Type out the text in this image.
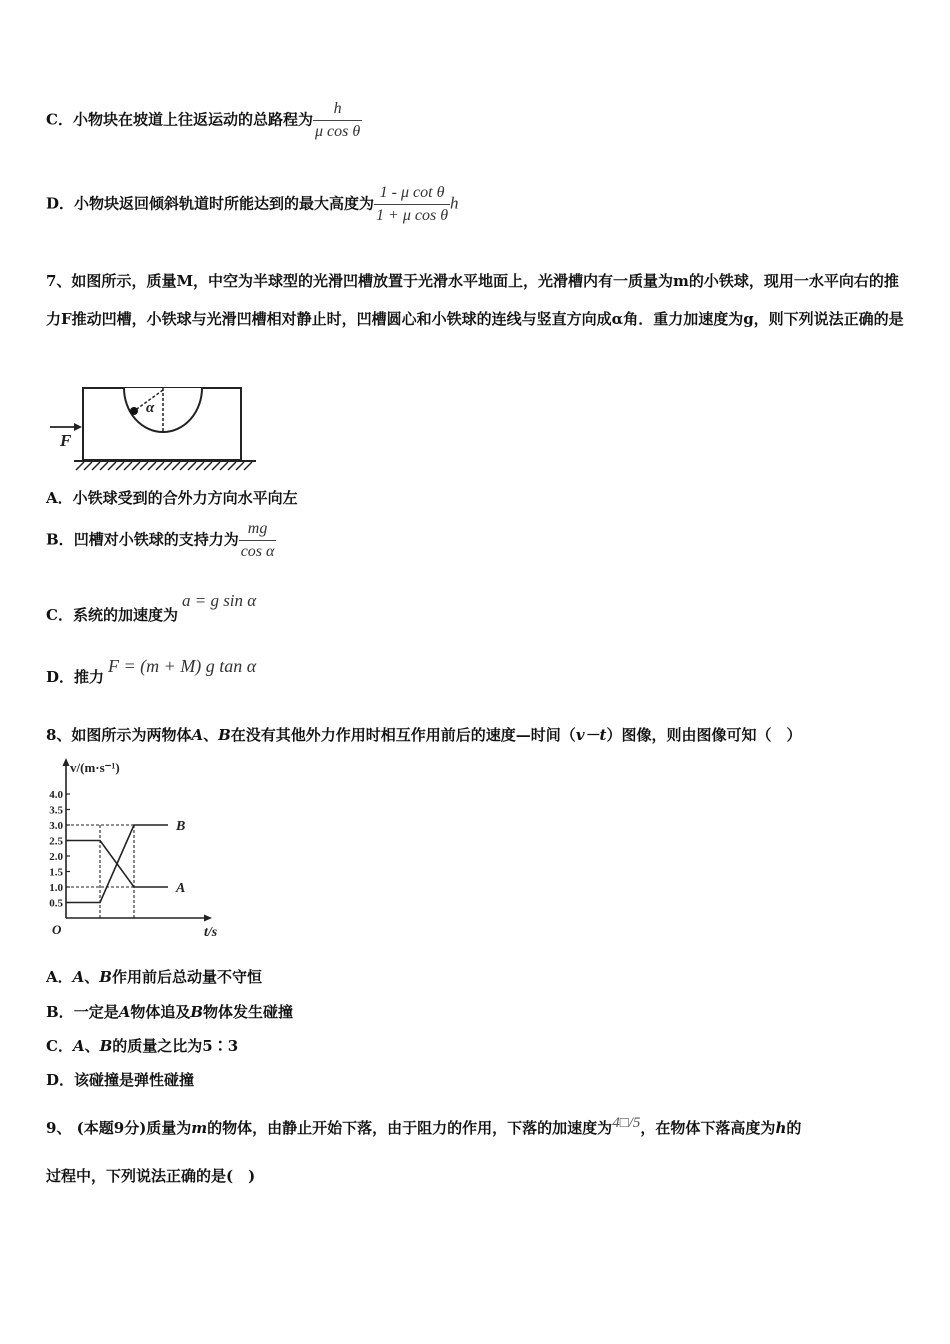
C．小物块在坡道上往返运动的总路程为 $\frac{h}{\text{μ cos θ}}$
D．小物块返回倾斜轨道时所能达到的最大高度为 $\frac{\text{1 - μ cot θ}}{\text{1 + μ cos θ}}$ h
7、如图所示，质量M，中空为半球型的光滑凹槽放置于光滑水平地面上，光滑槽内有一质量为m的小铁球，现用一水平向右的推力F推动凹槽，小铁球与光滑凹槽相对静止时，凹槽圆心和小铁球的连线与竖直方向成α角．重力加速度为g，则下列说法正确的是
α
F
A．小铁球受到的合外力方向水平向左
B．凹槽对小铁球的支持力为 $\frac{mg}{\text{cos α}}$
C．系统的加速度为a = g sin α
D．推力F = (m + M) g tan α
8、如图所示为两物体A、B在没有其他外力作用时相互作用前后的速度—时间（v－t）图像，则由图像可知（　）
v/(m·s⁻¹)
t/s
O
4.0
3.5
3.0
2.5
2.0
1.5
1.0
0.5
A
B
A．A、B作用前后总动量不守恒
B．一定是A物体追及B物体发生碰撞
C．A、B的质量之比为5∶3
D．该碰撞是弹性碰撞
9、 (本题9分)质量为m的物体，由静止开始下落，由于阻力的作用，下落的加速度为4□/5，在物体下落高度为h的
过程中，下列说法正确的是(　)
